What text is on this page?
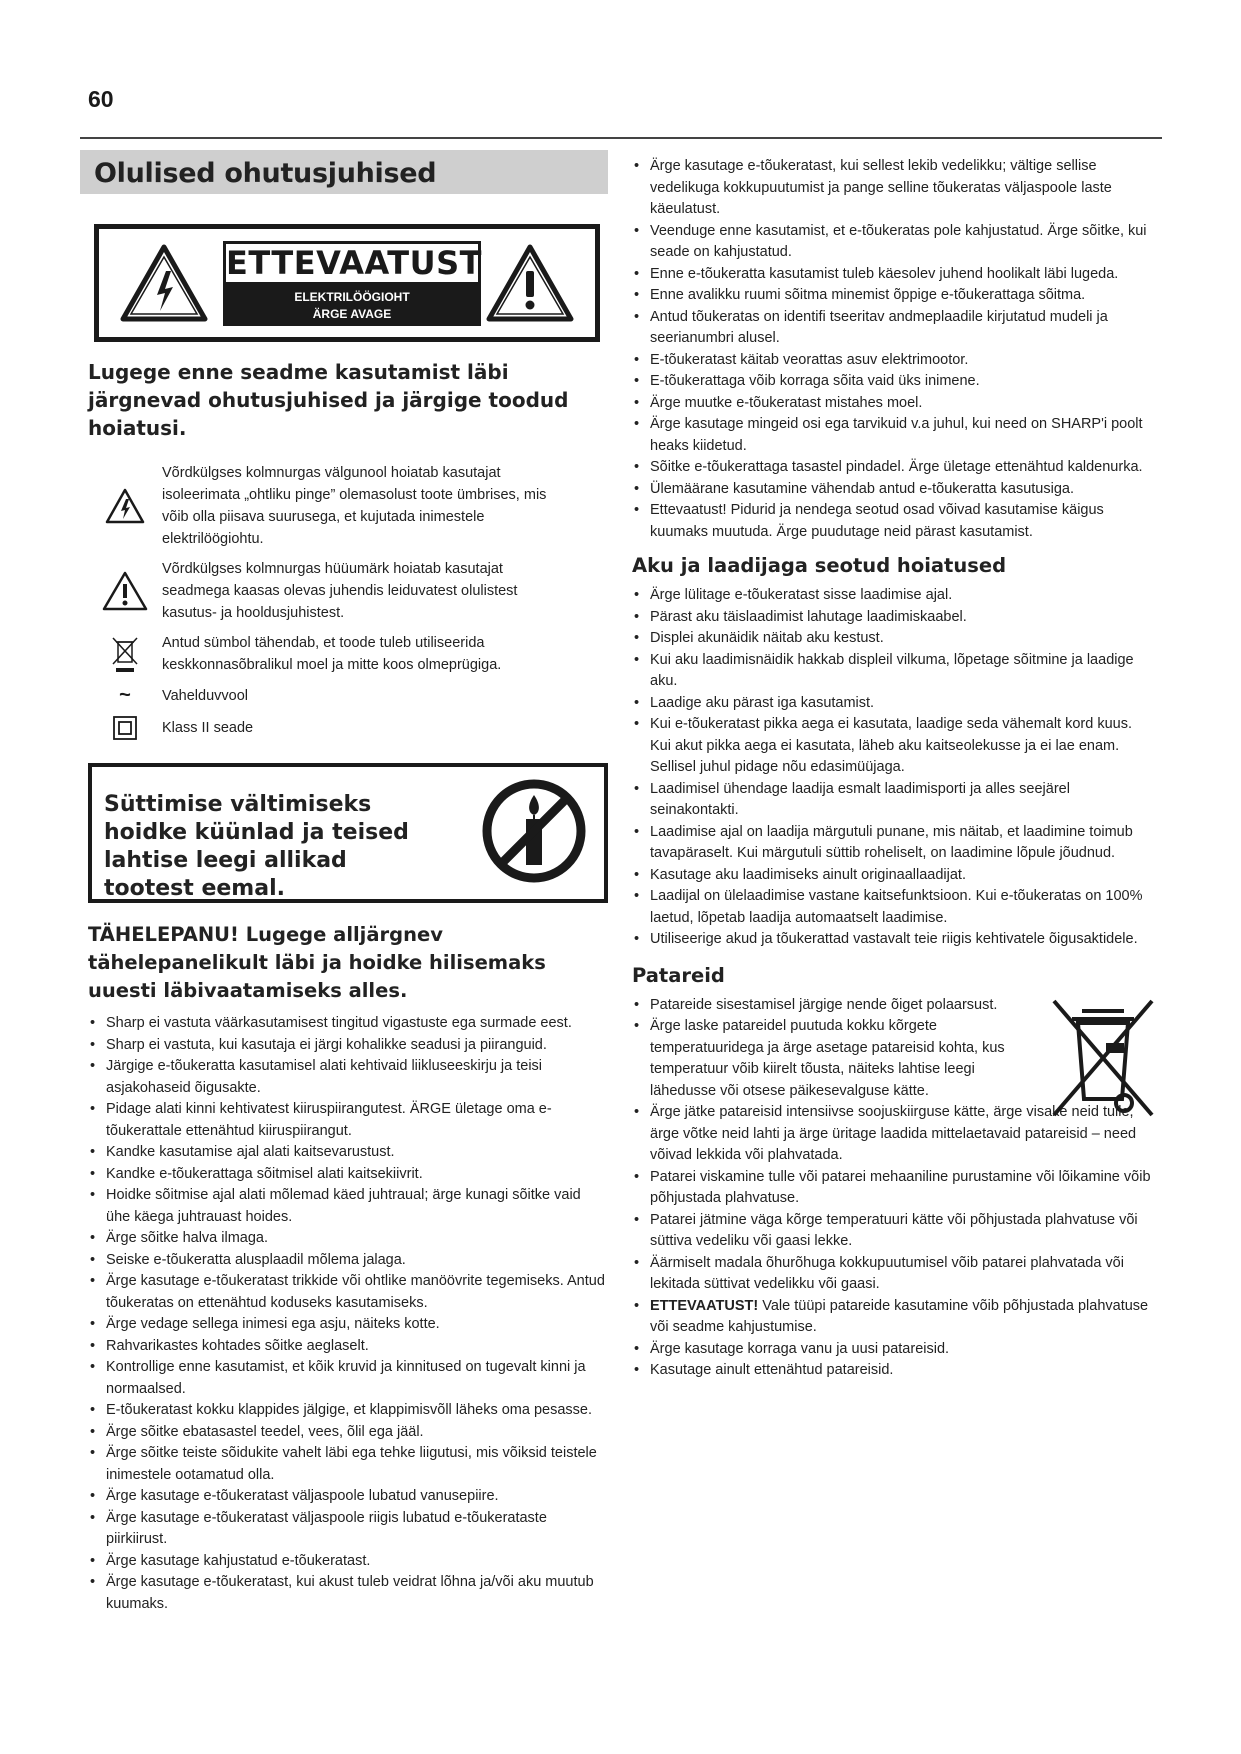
60
Olulised ohutusjuhised
ETTEVAATUST
ELEKTRILÖÖGIOHT
ÄRGE AVAGE
Lugege enne seadme kasutamist läbi järgnevad ohutusjuhised ja järgige toodud hoiatusi.
Võrdkülgses kolmnurgas välgunool hoiatab kasutajat isoleerimata „ohtliku pinge” olemasolust toote ümbrises, mis võib olla piisava suurusega, et kujutada inimestele elektrilöögiohtu.
Võrdkülgses kolmnurgas hüüumärk hoiatab kasutajat seadmega kaasas olevas juhendis leiduvatest olulistest kasutus- ja hooldusjuhistest.
Antud sümbol tähendab, et toode tuleb utiliseerida keskkonnasõbralikul moel ja mitte koos olmeprügiga.
~ Vahelduvvool
Klass II seade
Süttimise vältimiseks hoidke küünlad ja teised lahtise leegi allikad tootest eemal.
TÄHELEPANU! Lugege alljärgnev tähelepanelikult läbi ja hoidke hilisemaks uuesti läbivaatamiseks alles.
• Sharp ei vastuta väärkasutamisest tingitud vigastuste ega surmade eest.
• Sharp ei vastuta, kui kasutaja ei järgi kohalikke seadusi ja piiranguid.
• Järgige e-tõukeratta kasutamisel alati kehtivaid liikluseeskirju ja teisi asjakohaseid õigusakte.
• Pidage alati kinni kehtivatest kiiruspiirangutest. ÄRGE ületage oma e-tõukerattale ettenähtud kiiruspiirangut.
• Kandke kasutamise ajal alati kaitsevarustust.
• Kandke e-tõukerattaga sõitmisel alati kaitsekiivrit.
• Hoidke sõitmise ajal alati mõlemad käed juhtraual; ärge kunagi sõitke vaid ühe käega juhtrauast hoides.
• Ärge sõitke halva ilmaga.
• Seiske e-tõukeratta alusplaadil mõlema jalaga.
• Ärge kasutage e-tõukeratast trikkide või ohtlike manöövrite tegemiseks. Antud tõukeratas on ettenähtud koduseks kasutamiseks.
• Ärge vedage sellega inimesi ega asju, näiteks kotte.
• Rahvarikastes kohtades sõitke aeglaselt.
• Kontrollige enne kasutamist, et kõik kruvid ja kinnitused on tugevalt kinni ja normaalsed.
• E-tõukeratast kokku klappides jälgige, et klappimisvõll läheks oma pesasse.
• Ärge sõitke ebatasastel teedel, vees, õlil ega jääl.
• Ärge sõitke teiste sõidukite vahelt läbi ega tehke liigutusi, mis võiksid teistele inimestele ootamatud olla.
• Ärge kasutage e-tõukeratast väljaspoole lubatud vanusepiire.
• Ärge kasutage e-tõukeratast väljaspoole riigis lubatud e-tõukerataste piirkiirust.
• Ärge kasutage kahjustatud e-tõukeratast.
• Ärge kasutage e-tõukeratast, kui akust tuleb veidrat lõhna ja/või aku muutub kuumaks.
• Ärge kasutage e-tõukeratast, kui sellest lekib vedelikku; vältige sellise vedelikuga kokkupuutumist ja pange selline tõukeratas väljaspoole laste käeulatust.
• Veenduge enne kasutamist, et e-tõukeratas pole kahjustatud. Ärge sõitke, kui seade on kahjustatud.
• Enne e-tõukeratta kasutamist tuleb käesolev juhend hoolikalt läbi lugeda.
• Enne avalikku ruumi sõitma minemist õppige e-tõukerattaga sõitma.
• Antud tõukeratas on identifi tseeritav andmeplaadile kirjutatud mudeli ja seerianumbri alusel.
• E-tõukeratast käitab veorattas asuv elektrimootor.
• E-tõukerattaga võib korraga sõita vaid üks inimene.
• Ärge muutke e-tõukeratast mistahes moel.
• Ärge kasutage mingeid osi ega tarvikuid v.a juhul, kui need on SHARP'i poolt heaks kiidetud.
• Sõitke e-tõukerattaga tasastel pindadel. Ärge ületage ettenähtud kaldenurka.
• Ülemäärane kasutamine vähendab antud e-tõukeratta kasutusiga.
• Ettevaatust! Pidurid ja nendega seotud osad võivad kasutamise käigus kuumaks muutuda. Ärge puudutage neid pärast kasutamist.
Aku ja laadijaga seotud hoiatused
• Ärge lülitage e-tõukeratast sisse laadimise ajal.
• Pärast aku täislaadimist lahutage laadimiskaabel.
• Displei akunäidik näitab aku kestust.
• Kui aku laadimisnäidik hakkab displeil vilkuma, lõpetage sõitmine ja laadige aku.
• Laadige aku pärast iga kasutamist.
• Kui e-tõukeratast pikka aega ei kasutata, laadige seda vähemalt kord kuus. Kui akut pikka aega ei kasutata, läheb aku kaitseolekusse ja ei lae enam. Sellisel juhul pidage nõu edasimüüjaga.
• Laadimisel ühendage laadija esmalt laadimisporti ja alles seejärel seinakontakti.
• Laadimise ajal on laadija märgutuli punane, mis näitab, et laadimine toimub tavapäraselt. Kui märgutuli süttib roheliselt, on laadimine lõpule jõudnud.
• Kasutage aku laadimiseks ainult originaallaadijat.
• Laadijal on ülelaadimise vastane kaitsefunktsioon. Kui e-tõukeratas on 100% laetud, lõpetab laadija automaatselt laadimise.
• Utiliseerige akud ja tõukerattad vastavalt teie riigis kehtivatele õigusaktidele.
Patareid
• Patareide sisestamisel järgige nende õiget polaarsust.
• Ärge laske patareidel puutuda kokku kõrgete temperatuuridega ja ärge asetage patareisid kohta, kus temperatuur võib kiirelt tõusta, näiteks lahtise leegi lähedusse või otsese päikesevalguse kätte.
• Ärge jätke patareisid intensiivse soojuskiirguse kätte, ärge visake neid tulle, ärge võtke neid lahti ja ärge üritage laadida mittelaetavaid patareisid – need võivad lekkida või plahvatada.
• Patarei viskamine tulle või patarei mehaaniline purustamine või lõikamine võib põhjustada plahvatuse.
• Patarei jätmine väga kõrge temperatuuri kätte või põhjustada plahvatuse või süttiva vedeliku või gaasi lekke.
• Äärmiselt madala õhurõhuga kokkupuutumisel võib patarei plahvatada või lekitada süttivat vedelikku või gaasi.
• ETTEVAATUST! Vale tüüpi patareide kasutamine võib põhjustada plahvatuse või seadme kahjustumise.
• Ärge kasutage korraga vanu ja uusi patareisid.
• Kasutage ainult ettenähtud patareisid.
